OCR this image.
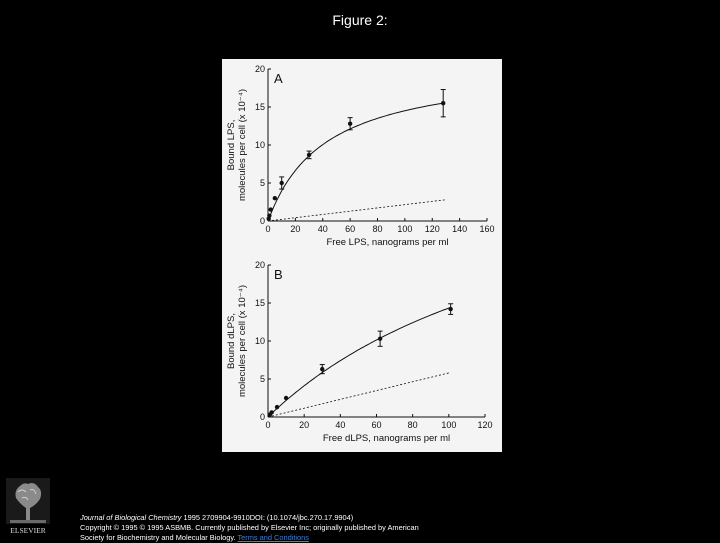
Figure 2:
0 20 40 60 80 100 120 140 160
0
5
10
15
20
Free LPS, nanograms per ml
Bound LPS, molecules per cell (x 10⁻⁴)
A
0	20	40	60	80	100 120
0
5
10
15
20
Free dLPS, nanograms per ml
Bound dLPS, molecules per cell (x 10⁻⁴)
B
ELSEVIER
Journal of Biological Chemistry 1995 2709904-9910DOI: (10.1074/jbc.270.17.9904)
Copyright © 1995 © 1995 ASBMB. Currently published by Elsevier Inc; originally published by American
Society for Biochemistry and Molecular Biology. Terms and Conditions
